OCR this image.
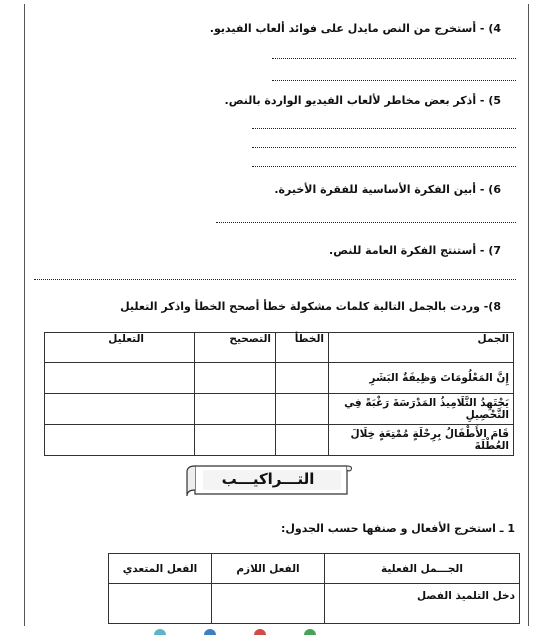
4) - أستخرج من النص مايدل على فوائد ألعاب الفيديو.
5) - أذكر بعض مخاطر لألعاب الفيديو الواردة بالنص.
6) - أبين الفكرة الأساسية للفقرة الأخيرة.
7) - أستنتج الفكرة العامة للنص.
8)- وردت بالجمل التالية كلمات مشكولة خطأ أصحح الخطأ واذكر التعليل
الجمل	الخطأ	التصحيح	التعليل
إِنَّ المَعْلُومَاتَ وَظِيفَةٌ البَشَرِ			
يَجْتَهِدُ التَّلَامِيذُ المَدْرَسَةَ رَغْبَةً فِي التَّحْصِيلِ			
قَامَ الأَطْفَالُ بِرِحْلَةٍ مُمْتِعَةٍ خِلَالَ العُطْلَةَ			
التـــراكيـــب
1 ـ استخرج الأفعال و صنفها حسب الجدول:
الجـــمل الفعلية	الفعل اللازم	الفعل المتعدي
دخل التلميذ الفصل		
